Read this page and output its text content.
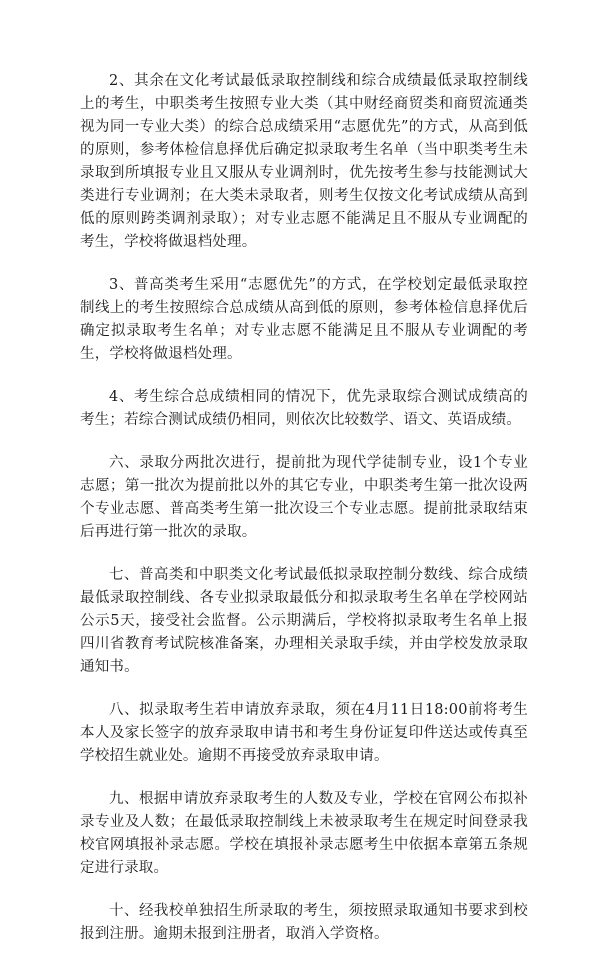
2、其余在文化考试最低录取控制线和综合成绩最低录取控制线上的考生，中职类考生按照专业大类（其中财经商贸类和商贸流通类视为同一专业大类）的综合总成绩采用“志愿优先”的方式，从高到低的原则，参考体检信息择优后确定拟录取考生名单（当中职类考生未录取到所填报专业且又服从专业调剂时，优先按考生参与技能测试大类进行专业调剂；在大类未录取者，则考生仅按文化考试成绩从高到低的原则跨类调剂录取）；对专业志愿不能满足且不服从专业调配的考生，学校将做退档处理。

3、普高类考生采用“志愿优先”的方式，在学校划定最低录取控制线上的考生按照综合总成绩从高到低的原则，参考体检信息择优后确定拟录取考生名单；对专业志愿不能满足且不服从专业调配的考生，学校将做退档处理。

4、考生综合总成绩相同的情况下，优先录取综合测试成绩高的考生；若综合测试成绩仍相同，则依次比较数学、语文、英语成绩。

六、录取分两批次进行，提前批为现代学徒制专业，设1个专业志愿；第一批次为提前批以外的其它专业，中职类考生第一批次设两个专业志愿、普高类考生第一批次设三个专业志愿。提前批录取结束后再进行第一批次的录取。

七、普高类和中职类文化考试最低拟录取控制分数线、综合成绩最低录取控制线、各专业拟录取最低分和拟录取考生名单在学校网站公示5天，接受社会监督。公示期满后，学校将拟录取考生名单上报四川省教育考试院核准备案，办理相关录取手续，并由学校发放录取通知书。

八、拟录取考生若申请放弃录取，须在4月11日18:00前将考生本人及家长签字的放弃录取申请书和考生身份证复印件送达或传真至学校招生就业处。逾期不再接受放弃录取申请。

九、根据申请放弃录取考生的人数及专业，学校在官网公布拟补录专业及人数；在最低录取控制线上未被录取考生在规定时间登录我校官网填报补录志愿。学校在填报补录志愿考生中依据本章第五条规定进行录取。

十、经我校单独招生所录取的考生，须按照录取通知书要求到校报到注册。逾期未报到注册者，取消入学资格。
